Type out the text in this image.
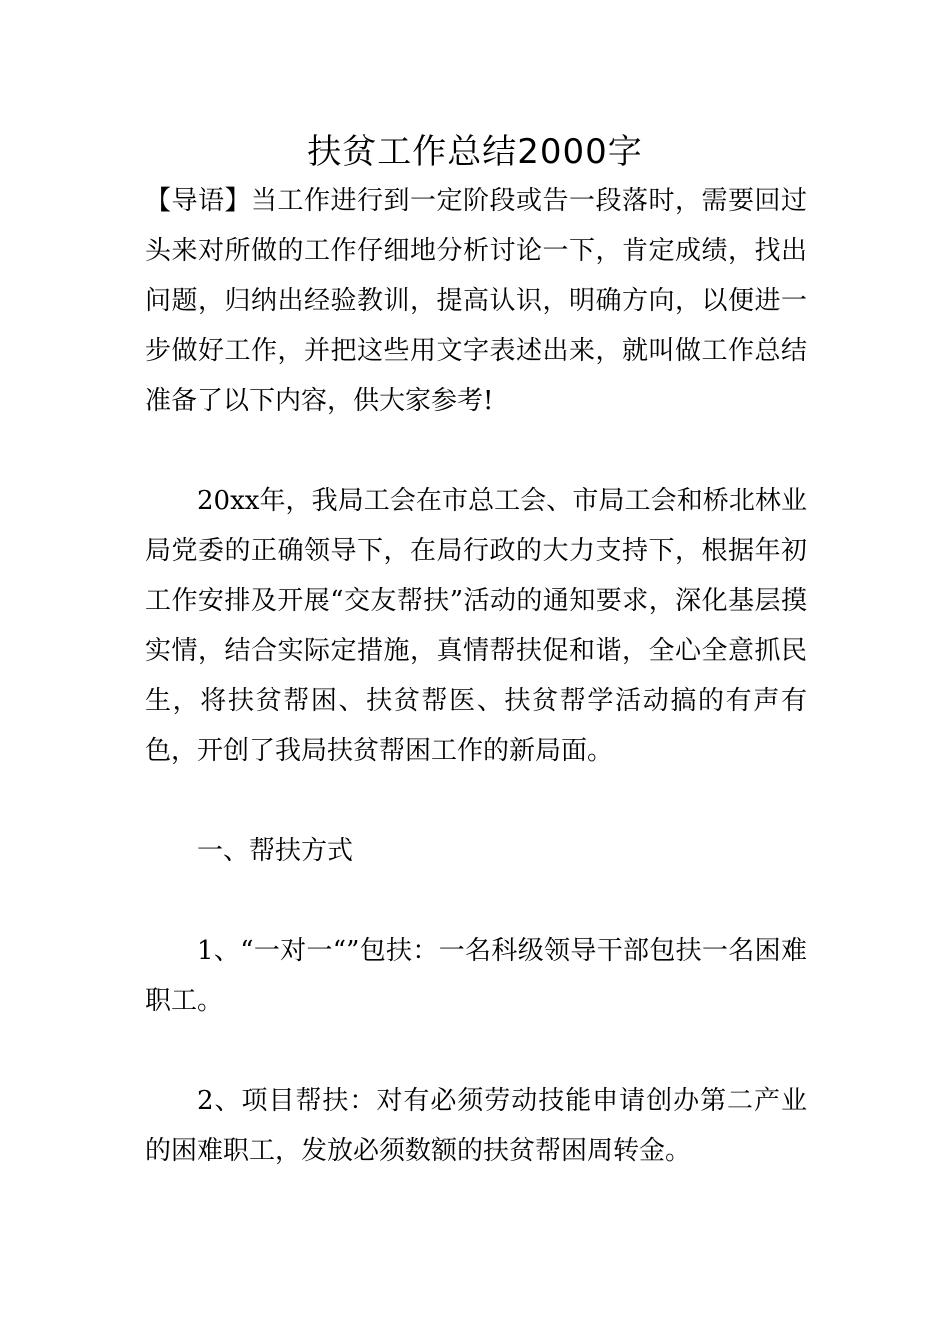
扶贫工作总结2000字

【导语】当工作进行到一定阶段或告一段落时，需要回过头来对所做的工作仔细地分析讨论一下，肯定成绩，找出问题，归纳出经验教训，提高认识，明确方向，以便进一步做好工作，并把这些用文字表述出来，就叫做工作总结准备了以下内容，供大家参考!

20xx年，我局工会在市总工会、市局工会和桥北林业局党委的正确领导下，在局行政的大力支持下，根据年初工作安排及开展“交友帮扶”活动的通知要求，深化基层摸实情，结合实际定措施，真情帮扶促和谐，全心全意抓民生，将扶贫帮困、扶贫帮医、扶贫帮学活动搞的有声有色，开创了我局扶贫帮困工作的新局面。

一、帮扶方式

1、“一对一“”包扶：一名科级领导干部包扶一名困难职工。

2、项目帮扶：对有必须劳动技能申请创办第二产业的困难职工，发放必须数额的扶贫帮困周转金。
